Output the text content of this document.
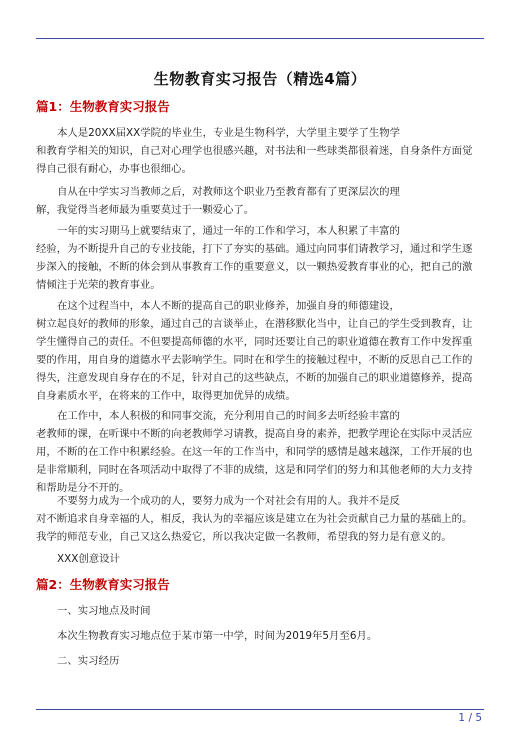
生物教育实习报告（精选4篇）
篇1：生物教育实习报告
本人是20XX届XX学院的毕业生，专业是生物科学，大学里主要学了生物学
和教育学相关的知识，自己对心理学也很感兴趣，对书法和一些球类都很着迷，自身条件方面觉
得自己很有耐心，办事也很细心。
自从在中学实习当教师之后，对教师这个职业乃至教育都有了更深层次的理
解，我觉得当老师最为重要莫过于一颗爱心了。
一年的实习期马上就要结束了，通过一年的工作和学习，本人积累了丰富的
经验，为不断提升自己的专业技能，打下了夯实的基础。通过向同事们请教学习，通过和学生逐
步深入的接触，不断的体会到从事教育工作的重要意义，以一颗热爱教育事业的心，把自己的激
情倾注于光荣的教育事业。
在这个过程当中，本人不断的提高自己的职业修养，加强自身的师德建设，
树立起良好的教师的形象，通过自己的言谈举止，在潜移默化当中，让自己的学生受到教育，让
学生懂得自己的责任。不但要提高师德的水平，同时还要让自己的职业道德在教育工作中发挥重
要的作用，用自身的道德水平去影响学生。同时在和学生的接触过程中，不断的反思自己工作的
得失，注意发现自身存在的不足，针对自己的这些缺点，不断的加强自己的职业道德修养，提高
自身素质水平，在将来的工作中，取得更加优异的成绩。
在工作中，本人积极的和同事交流，充分利用自己的时间多去听经验丰富的
老教师的课，在听课中不断的向老教师学习请教，提高自身的素养，把教学理论在实际中灵活应
用，不断的在工作中积累经验。在这一年的工作当中，和同学的感情是越来越深，工作开展的也
是非常顺利，同时在各项活动中取得了不菲的成绩，这是和同学们的努力和其他老师的大力支持
和帮助是分不开的。
不要努力成为一个成功的人，要努力成为一个对社会有用的人。我并不是反
对不断追求自身幸福的人，相反，我认为的幸福应该是建立在为社会贡献自己力量的基础上的。
我学的师范专业，自己又这么热爱它，所以我决定做一名教师，希望我的努力是有意义的。
XXX创意设计
篇2：生物教育实习报告
一、实习地点及时间
本次生物教育实习地点位于某市第一中学，时间为2019年5月至6月。
二、实习经历
1 / 5
